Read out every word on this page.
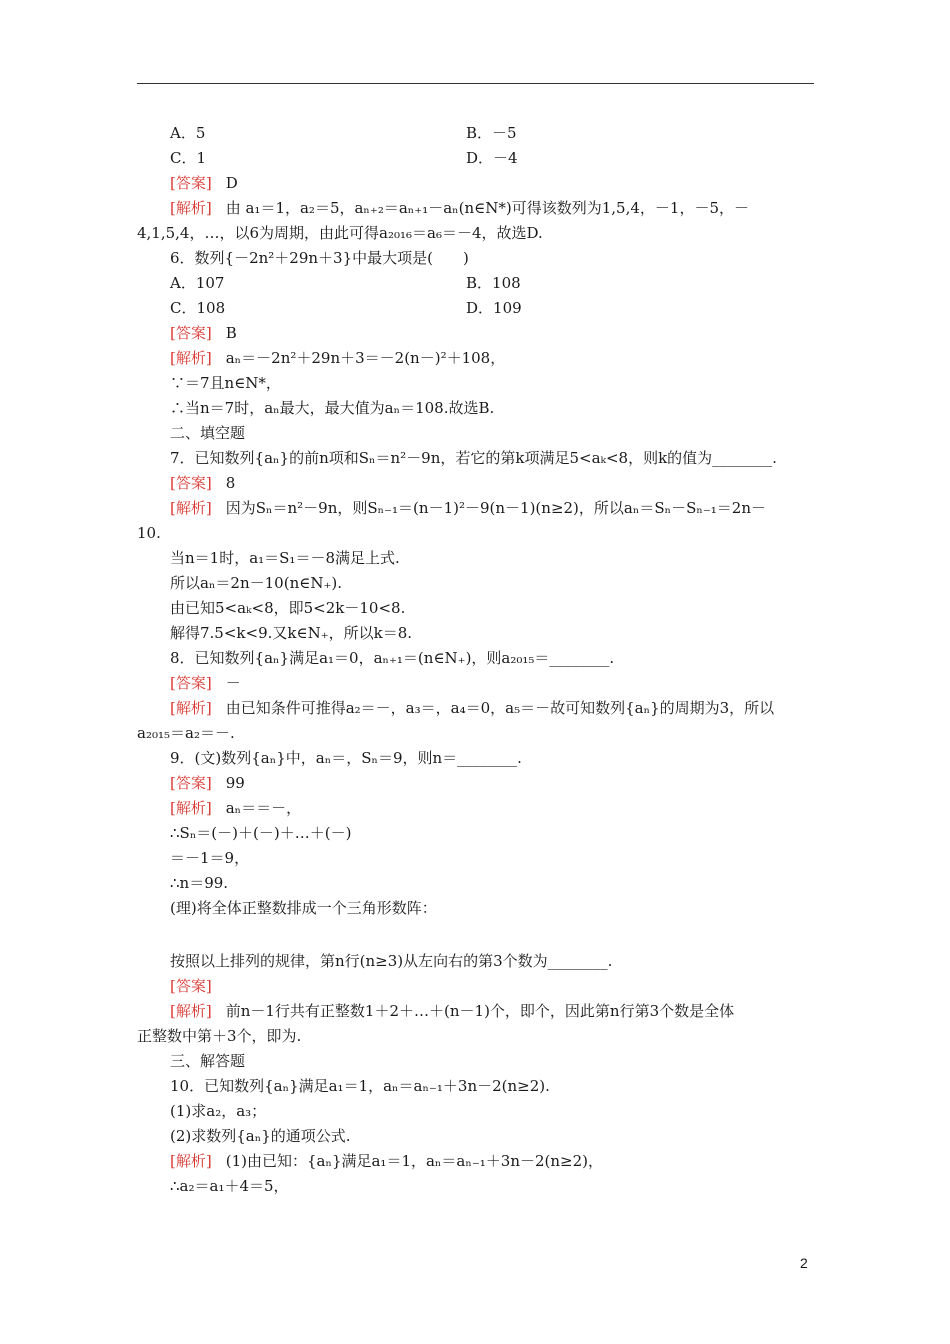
A．5	B．－5
C．1	D．－4
[答案] D
[解析] 由 a₁＝1，a₂＝5，aₙ₊₂＝aₙ₊₁－aₙ(n∈N*)可得该数列为1,5,4，－1，－5，－
4,1,5,4，…，以6为周期，由此可得a₂₀₁₆＝a₆＝－4，故选D.
6．数列{－2n²＋29n＋3}中最大项是(　　)
A．107	B．108
C．108	D．109
[答案] B
[解析] aₙ＝－2n²＋29n＋3＝－2(n－)²＋108，
∵＝7且n∈N*，
∴当n＝7时，aₙ最大，最大值为aₙ＝108.故选B.
二、填空题
7．已知数列{aₙ}的前n项和Sₙ＝n²－9n，若它的第k项满足5<aₖ<8，则k的值为________.
[答案] 8
[解析] 因为Sₙ＝n²－9n，则Sₙ₋₁＝(n－1)²－9(n－1)(n≥2)，所以aₙ＝Sₙ－Sₙ₋₁＝2n－
10.
当n＝1时，a₁＝S₁＝－8满足上式.
所以aₙ＝2n－10(n∈N₊).
由已知5<aₖ<8，即5<2k－10<8.
解得7.5<k<9.又k∈N₊，所以k＝8.
8．已知数列{aₙ}满足a₁＝0，aₙ₊₁＝(n∈N₊)，则a₂₀₁₅＝________.
[答案] －
[解析] 由已知条件可推得a₂＝－，a₃＝，a₄＝0，a₅＝－故可知数列{aₙ}的周期为3，所以
a₂₀₁₅＝a₂＝－.
9．(文)数列{aₙ}中，aₙ＝，Sₙ＝9，则n＝________.
[答案] 99
[解析] aₙ＝＝－，
∴Sₙ＝(－)＋(－)＋…＋(－)
＝－1＝9，
∴n＝99.
(理)将全体正整数排成一个三角形数阵：
按照以上排列的规律，第n行(n≥3)从左向右的第3个数为________.
[答案]
[解析] 前n－1行共有正整数1＋2＋…＋(n－1)个，即个，因此第n行第3个数是全体
正整数中第＋3个，即为.
三、解答题
10．已知数列{aₙ}满足a₁＝1，aₙ＝aₙ₋₁＋3n－2(n≥2).
(1)求a₂，a₃；
(2)求数列{aₙ}的通项公式.
[解析] (1)由已知：{aₙ}满足a₁＝1，aₙ＝aₙ₋₁＋3n－2(n≥2)，
∴a₂＝a₁＋4＝5，
2
